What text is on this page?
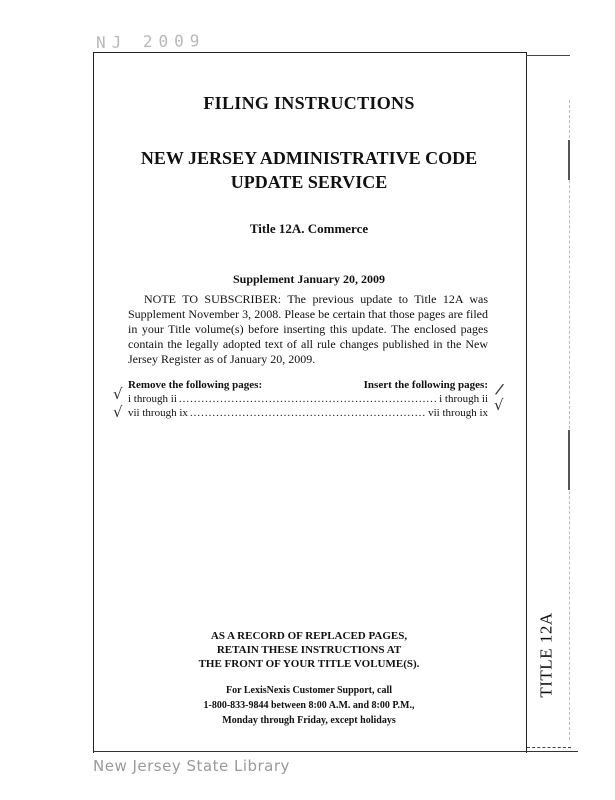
NJ 2009
TITLE 12A
FILING INSTRUCTIONS
NEW JERSEY ADMINISTRATIVE CODE
UPDATE SERVICE
Title 12A. Commerce
Supplement January 20, 2009
NOTE TO SUBSCRIBER: The previous update to Title 12A was Supplement November 3, 2008. Please be certain that those pages are filed in your Title volume(s) before inserting this update. The enclosed pages contain the legally adopted text of all rule changes published in the New Jersey Register as of January 20, 2009.
Remove the following pages:	Insert the following pages:
i through ii .....	i through ii
vii through ix .....	vii through ix
√
√	√
/
AS A RECORD OF REPLACED PAGES,
RETAIN THESE INSTRUCTIONS AT
THE FRONT OF YOUR TITLE VOLUME(S).
For LexisNexis Customer Support, call
1-800-833-9844 between 8:00 A.M. and 8:00 P.M.,
Monday through Friday, except holidays
New Jersey State Library
